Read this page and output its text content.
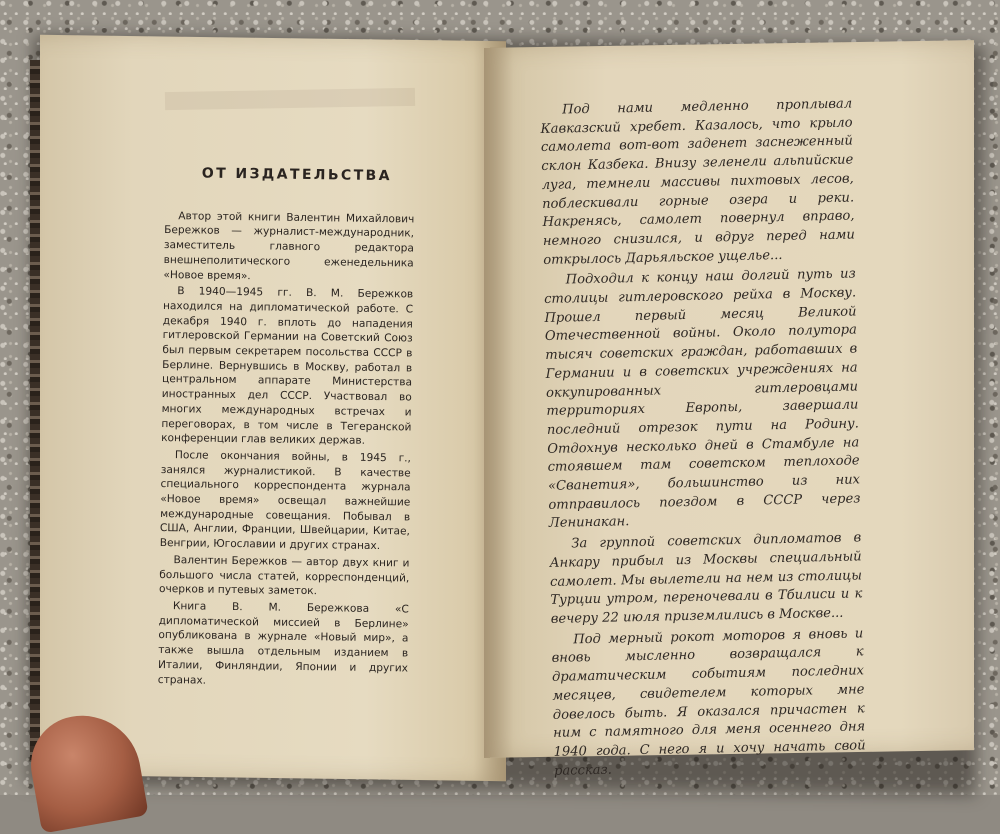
ОТ ИЗДАТЕЛЬСТВА

Автор этой книги Валентин Михайлович Бережков — журналист-международник, заместитель главного редактора внешнеполитического еженедельника «Новое время».

В 1940—1945 гг. В. М. Бережков находился на дипломатической работе. С декабря 1940 г. вплоть до нападения гитлеровской Германии на Советский Союз был первым секретарем посольства СССР в Берлине. Вернувшись в Москву, работал в центральном аппарате Министерства иностранных дел СССР. Участвовал во многих международных встречах и переговорах, в том числе в Тегеранской конференции глав великих держав.

После окончания войны, в 1945 г., занялся журналистикой. В качестве специального корреспондента журнала «Новое время» освещал важнейшие международные совещания. Побывал в США, Англии, Франции, Швейцарии, Китае, Венгрии, Югославии и других странах.

Валентин Бережков — автор двух книг и большого числа статей, корреспонденций, очерков и путевых заметок.

Книга В. М. Бережкова «С дипломатической миссией в Берлине» опубликована в журнале «Новый мир», а также вышла отдельным изданием в Италии, Финляндии, Японии и других странах.

Под нами медленно проплывал Кавказский хребет. Казалось, что крыло самолета вот-вот заденет заснеженный склон Казбека. Внизу зеленели альпийские луга, темнели массивы пихтовых лесов, поблескивали горные озера и реки. Накренясь, самолет повернул вправо, немного снизился, и вдруг перед нами открылось Дарьяльское ущелье...

Подходил к концу наш долгий путь из столицы гитлеровского рейха в Москву. Прошел первый месяц Великой Отечественной войны. Около полутора тысяч советских граждан, работавших в Германии и в советских учреждениях на оккупированных гитлеровцами территориях Европы, завершали последний отрезок пути на Родину. Отдохнув несколько дней в Стамбуле на стоявшем там советском теплоходе «Сванетия», большинство из них отправилось поездом в СССР через Ленинакан.

За группой советских дипломатов в Анкару прибыл из Москвы специальный самолет. Мы вылетели на нем из столицы Турции утром, переночевали в Тбилиси и к вечеру 22 июля приземлились в Москве...

Под мерный рокот моторов я вновь и вновь мысленно возвращался к драматическим событиям последних месяцев, свидетелем которых мне довелось быть. Я оказался причастен к ним с памятного для меня осеннего дня 1940 года. С него я и хочу начать свой рассказ.
